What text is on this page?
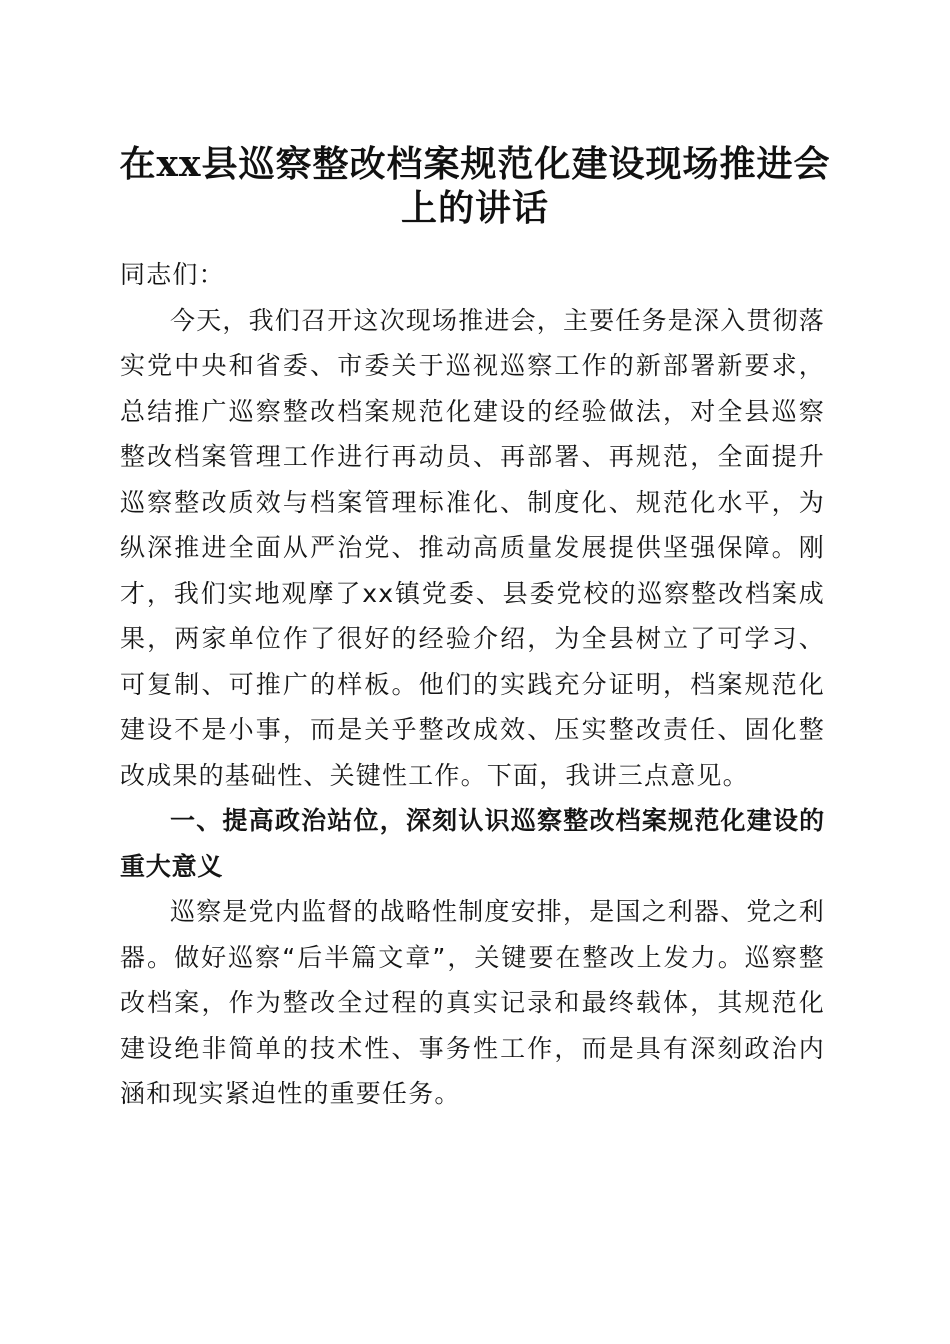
在xx县巡察整改档案规范化建设现场推进会
上的讲话

同志们：

今天，我们召开这次现场推进会，主要任务是深入贯彻落实党中央和省委、市委关于巡视巡察工作的新部署新要求，总结推广巡察整改档案规范化建设的经验做法，对全县巡察整改档案管理工作进行再动员、再部署、再规范，全面提升巡察整改质效与档案管理标准化、制度化、规范化水平，为纵深推进全面从严治党、推动高质量发展提供坚强保障。刚才，我们实地观摩了xx镇党委、县委党校的巡察整改档案成果，两家单位作了很好的经验介绍，为全县树立了可学习、可复制、可推广的样板。他们的实践充分证明，档案规范化建设不是小事，而是关乎整改成效、压实整改责任、固化整改成果的基础性、关键性工作。下面，我讲三点意见。

一、提高政治站位，深刻认识巡察整改档案规范化建设的重大意义

巡察是党内监督的战略性制度安排，是国之利器、党之利器。做好巡察“后半篇文章”，关键要在整改上发力。巡察整改档案，作为整改全过程的真实记录和最终载体，其规范化建设绝非简单的技术性、事务性工作，而是具有深刻政治内涵和现实紧迫性的重要任务。
